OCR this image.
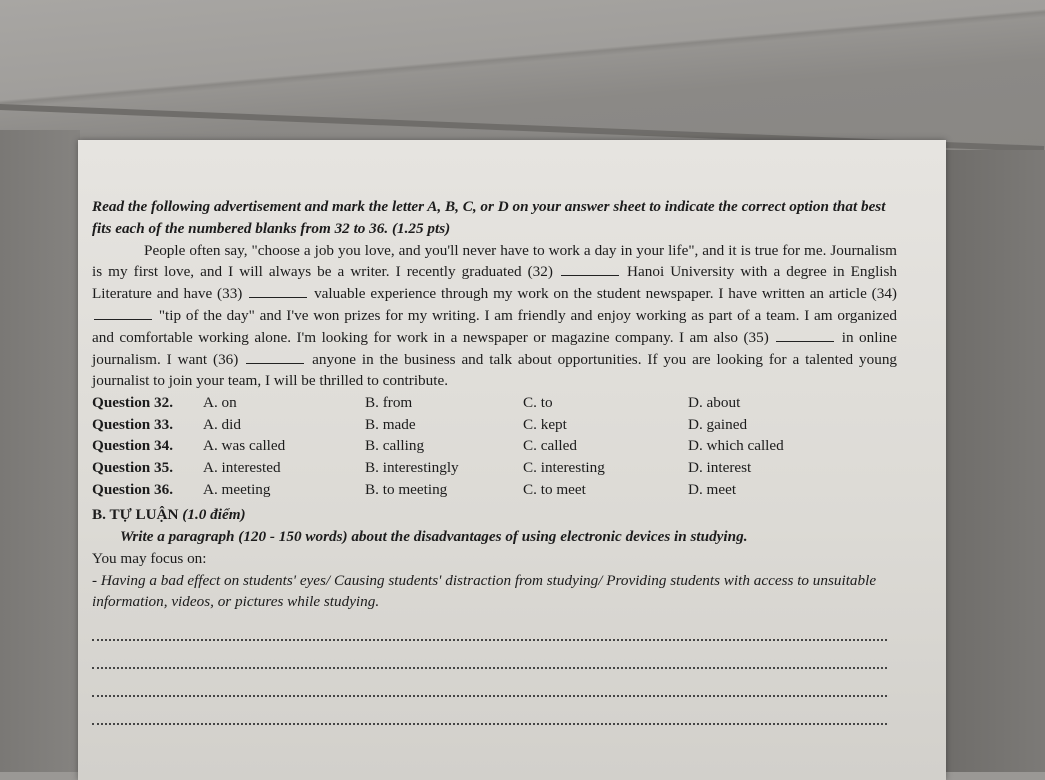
Read the following advertisement and mark the letter A, B, C, or D on your answer sheet to indicate the correct option that best fits each of the numbered blanks from 32 to 36. (1.25 pts)

People often say, "choose a job you love, and you'll never have to work a day in your life", and it is true for me. Journalism is my first love, and I will always be a writer. I recently graduated (32)	Hanoi University with a degree in English Literature and have (33)	valuable experience through my work on the student newspaper. I have written an article (34)  "tip of the day" and I've won prizes for my writing. I am friendly and enjoy working as part of a team. I am organized and comfortable working alone. I'm looking for work in a newspaper or magazine company. I am also (35)	in online journalism. I want (36)	anyone in the business and talk about opportunities. If you are looking for a talented young journalist to join your team, I will be thrilled to contribute.

Question 32.	A. on	B. from	C. to	D. about
Question 33.	A. did	B. made	C. kept	D. gained
Question 34.	A. was called	B. calling	C. called	D. which called
Question 35.	A. interested	B. interestingly	C. interesting	D. interest
Question 36.	A. meeting	B. to meeting	C. to meet	D. meet

B. TỰ LUẬN (1.0 điểm)

Write a paragraph (120 - 150 words) about the disadvantages of using electronic devices in studying.

You may focus on:

- Having a bad effect on students' eyes/ Causing students' distraction from studying/ Providing students with access to unsuitable information, videos, or pictures while studying.
